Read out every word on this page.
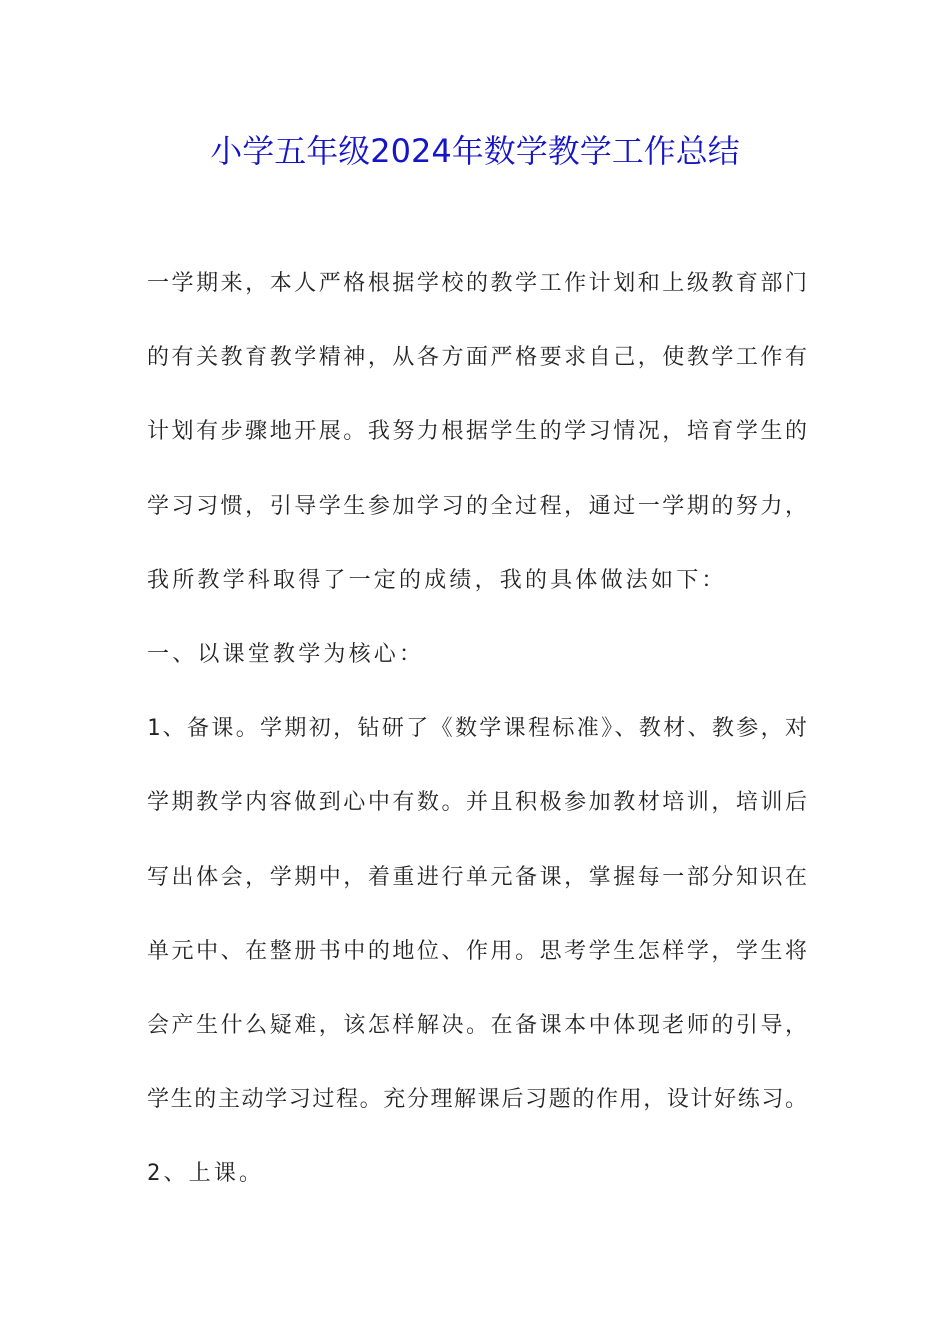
小学五年级2024年数学教学工作总结
一学期来，本人严格根据学校的教学工作计划和上级教育部门
的有关教育教学精神，从各方面严格要求自己，使教学工作有
计划有步骤地开展。我努力根据学生的学习情况，培育学生的
学习习惯，引导学生参加学习的全过程，通过一学期的努力，
我所教学科取得了一定的成绩，我的具体做法如下：
一、以课堂教学为核心：
1、备课。学期初，钻研了《数学课程标准》、教材、教参，对
学期教学内容做到心中有数。并且积极参加教材培训，培训后
写出体会，学期中，着重进行单元备课，掌握每一部分知识在
单元中、在整册书中的地位、作用。思考学生怎样学，学生将
会产生什么疑难，该怎样解决。在备课本中体现老师的引导，
学生的主动学习过程。充分理解课后习题的作用，设计好练习。
2、上课。
